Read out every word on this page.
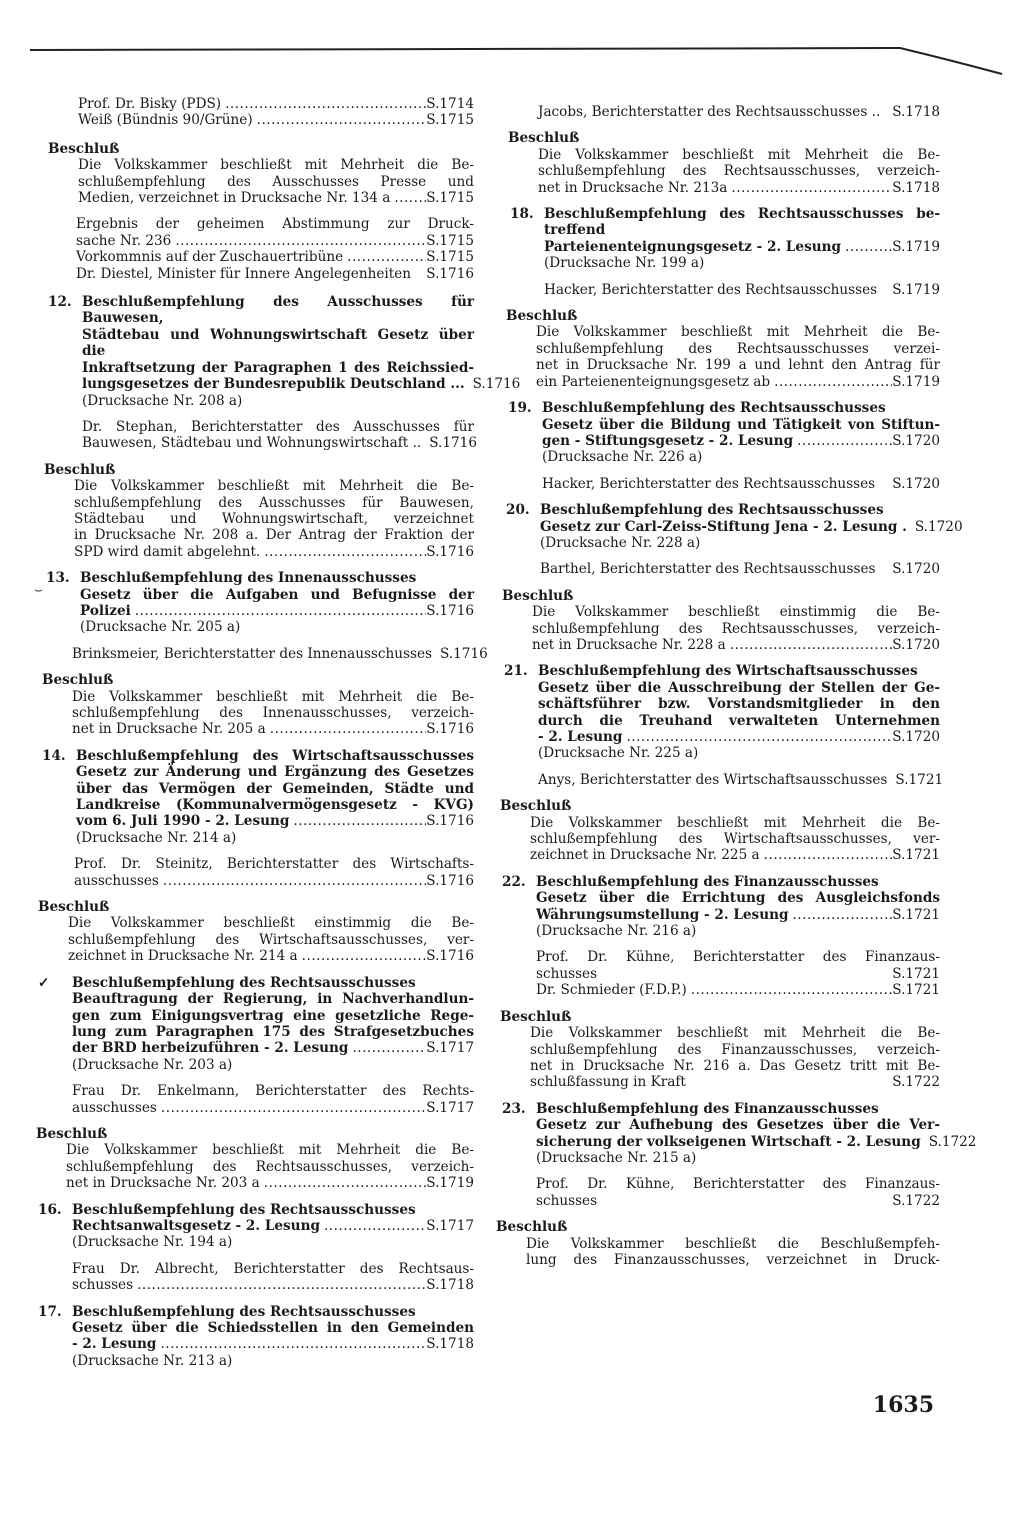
Prof. Dr. Bisky (PDS) .....	S.1714
Weiß (Bündnis 90/Grüne) .....	S.1715
Beschluß
Die Volkskammer beschließt mit Mehrheit die Be-
schlußempfehlung des Ausschusses Presse und
Medien, verzeichnet in Drucksache Nr. 134 a .....	S.1715
Ergebnis der geheimen Abstimmung zur Druck-
sache Nr. 236 .....	S.1715
Vorkommnis auf der Zuschauertribüne .....	S.1715
Dr. Diestel, Minister für Innere Angelegenheiten S.1716
12. Beschlußempfehlung des Ausschusses für Bauwesen,
Städtebau und Wohnungswirtschaft Gesetz über die
Inkraftsetzung der Paragraphen 1 des Reichssied-
lungsgesetzes der Bundesrepublik Deutschland ... S.1716
(Drucksache Nr. 208 a)
Dr. Stephan, Berichterstatter des Ausschusses für
Bauwesen, Städtebau und Wohnungswirtschaft .. S.1716
Beschluß
Die Volkskammer beschließt mit Mehrheit die Be-
schlußempfehlung des Ausschusses für Bauwesen,
Städtebau und Wohnungswirtschaft, verzeichnet
in Drucksache Nr. 208 a. Der Antrag der Fraktion der
SPD wird damit abgelehnt. .....	S.1716
13. Beschlußempfehlung des Innenausschusses
Gesetz über die Aufgaben und Befugnisse der
Polizei .....	S.1716
(Drucksache Nr. 205 a)
Brinksmeier, Berichterstatter des Innenausschusses S.1716
Beschluß
Die Volkskammer beschließt mit Mehrheit die Be-
schlußempfehlung des Innenausschusses, verzeich-
net in Drucksache Nr. 205 a .....	S.1716
14. Beschlußempfehlung des Wirtschaftsausschusses
Gesetz zur Änderung und Ergänzung des Gesetzes
über das Vermögen der Gemeinden, Städte und
Landkreise (Kommunalvermögensgesetz - KVG)
vom 6. Juli 1990 - 2. Lesung .....	S.1716
(Drucksache Nr. 214 a)
Prof. Dr. Steinitz, Berichterstatter des Wirtschafts-
ausschusses .....	S.1716
Beschluß
Die Volkskammer beschließt einstimmig die Be-
schlußempfehlung des Wirtschaftsausschusses, ver-
zeichnet in Drucksache Nr. 214 a .....	S.1716
✓ Beschlußempfehlung des Rechtsausschusses
Beauftragung der Regierung, in Nachverhandlun-
gen zum Einigungsvertrag eine gesetzliche Rege-
lung zum Paragraphen 175 des Strafgesetzbuches
der BRD herbeizuführen - 2. Lesung .....	S.1717
(Drucksache Nr. 203 a)
Frau Dr. Enkelmann, Berichterstatter des Rechts-
ausschusses .....	S.1717
Beschluß
Die Volkskammer beschließt mit Mehrheit die Be-
schlußempfehlung des Rechtsausschusses, verzeich-
net in Drucksache Nr. 203 a .....	S.1719
16. Beschlußempfehlung des Rechtsausschusses
Rechtsanwaltsgesetz - 2. Lesung .....	S.1717
(Drucksache Nr. 194 a)
Frau Dr. Albrecht, Berichterstatter des Rechtsaus-
schusses .....	S.1718
17. Beschlußempfehlung des Rechtsausschusses
Gesetz über die Schiedsstellen in den Gemeinden
- 2. Lesung .....	S.1718
(Drucksache Nr. 213 a)
Jacobs, Berichterstatter des Rechtsausschusses .. S.1718
Beschluß
Die Volkskammer beschließt mit Mehrheit die Be-
schlußempfehlung des Rechtsausschusses, verzeich-
net in Drucksache Nr. 213a .....	S.1718
18. Beschlußempfehlung des Rechtsausschusses be-
treffend
Parteienenteignungsgesetz - 2. Lesung .....	S.1719
(Drucksache Nr. 199 a)
Hacker, Berichterstatter des Rechtsausschusses S.1719
Beschluß
Die Volkskammer beschließt mit Mehrheit die Be-
schlußempfehlung des Rechtsausschusses verzei-
net in Drucksache Nr. 199 a und lehnt den Antrag für
ein Parteienenteignungsgesetz ab .....	S.1719
19. Beschlußempfehlung des Rechtsausschusses
Gesetz über die Bildung und Tätigkeit von Stiftun-
gen - Stiftungsgesetz - 2. Lesung .....	S.1720
(Drucksache Nr. 226 a)
Hacker, Berichterstatter des Rechtsausschusses S.1720
20. Beschlußempfehlung des Rechtsausschusses
Gesetz zur Carl-Zeiss-Stiftung Jena - 2. Lesung . S.1720
(Drucksache Nr. 228 a)
Barthel, Berichterstatter des Rechtsausschusses S.1720
Beschluß
Die Volkskammer beschließt einstimmig die Be-
schlußempfehlung des Rechtsausschusses, verzeich-
net in Drucksache Nr. 228 a .....	S.1720
21. Beschlußempfehlung des Wirtschaftsausschusses
Gesetz über die Ausschreibung der Stellen der Ge-
schäftsführer bzw. Vorstandsmitglieder in den
durch die Treuhand verwalteten Unternehmen
- 2. Lesung .....	S.1720
(Drucksache Nr. 225 a)
Anys, Berichterstatter des Wirtschaftsausschusses S.1721
Beschluß
Die Volkskammer beschließt mit Mehrheit die Be-
schlußempfehlung des Wirtschaftsausschusses, ver-
zeichnet in Drucksache Nr. 225 a .....	S.1721
22. Beschlußempfehlung des Finanzausschusses
Gesetz über die Errichtung des Ausgleichsfonds
Währungsumstellung - 2. Lesung .....	S.1721
(Drucksache Nr. 216 a)
Prof. Dr. Kühne, Berichterstatter des Finanzaus-
schusses	S.1721
Dr. Schmieder (F.D.P.) .....	S.1721
Beschluß
Die Volkskammer beschließt mit Mehrheit die Be-
schlußempfehlung des Finanzausschusses, verzeich-
net in Drucksache Nr. 216 a. Das Gesetz tritt mit Be-
schlußfassung in Kraft	S.1722
23. Beschlußempfehlung des Finanzausschusses
Gesetz zur Aufhebung des Gesetzes über die Ver-
sicherung der volkseigenen Wirtschaft - 2. Lesung S.1722
(Drucksache Nr. 215 a)
Prof. Dr. Kühne, Berichterstatter des Finanzaus-
schusses	S.1722
Beschluß
Die Volkskammer beschließt die Beschlußempfeh-
lung des Finanzausschusses, verzeichnet in Druck-
⌣
1635
